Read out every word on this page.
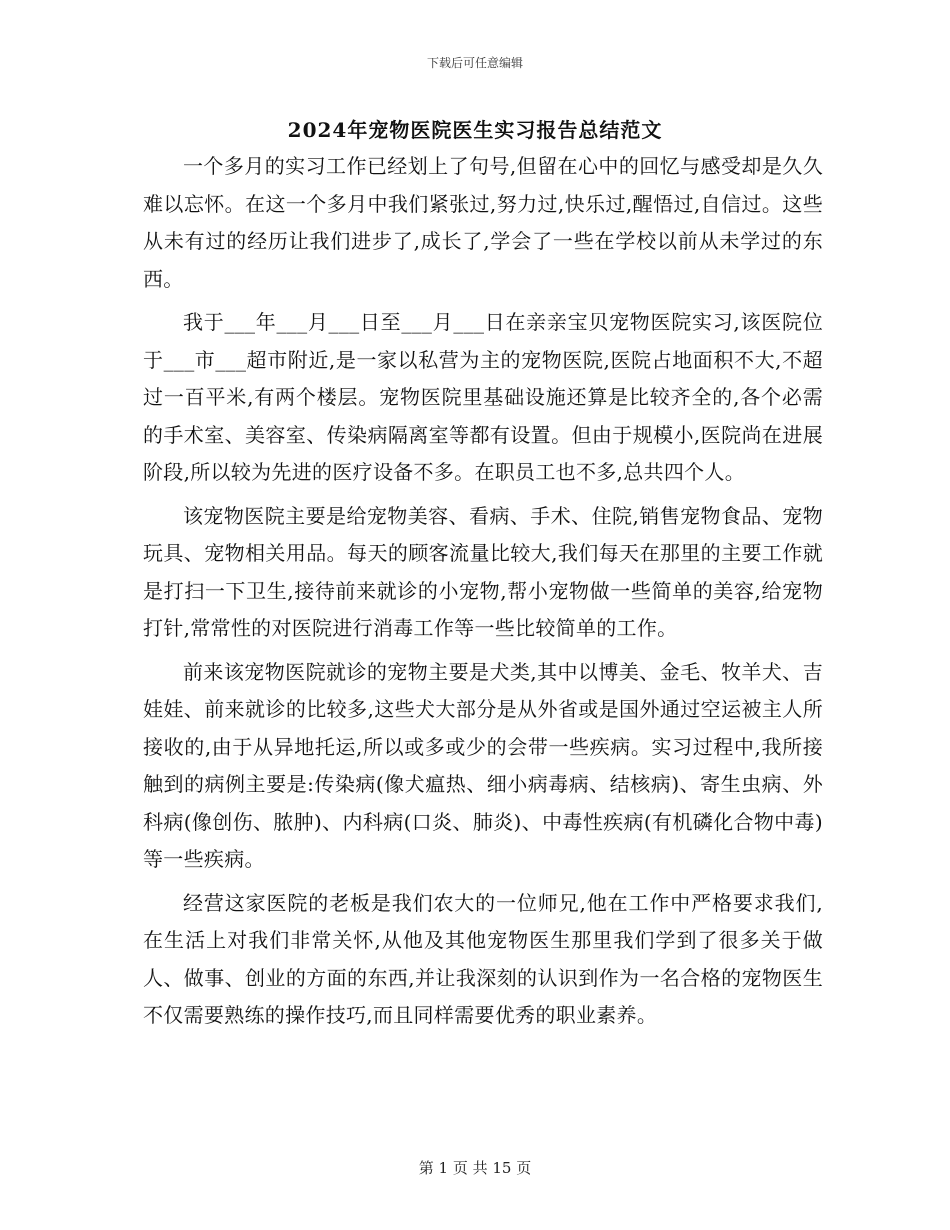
下载后可任意编辑
2024年宠物医院医生实习报告总结范文

一个多月的实习工作已经划上了句号,但留在心中的回忆与感受却是久久难以忘怀。在这一个多月中我们紧张过,努力过,快乐过,醒悟过,自信过。这些从未有过的经历让我们进步了,成长了,学会了一些在学校以前从未学过的东西。

我于___年___月___日至___月___日在亲亲宝贝宠物医院实习,该医院位于___市___超市附近,是一家以私营为主的宠物医院,医院占地面积不大,不超过一百平米,有两个楼层。宠物医院里基础设施还算是比较齐全的,各个必需的手术室、美容室、传染病隔离室等都有设置。但由于规模小,医院尚在进展阶段,所以较为先进的医疗设备不多。在职员工也不多,总共四个人。

该宠物医院主要是给宠物美容、看病、手术、住院,销售宠物食品、宠物玩具、宠物相关用品。每天的顾客流量比较大,我们每天在那里的主要工作就是打扫一下卫生,接待前来就诊的小宠物,帮小宠物做一些简单的美容,给宠物打针,常常性的对医院进行消毒工作等一些比较简单的工作。

前来该宠物医院就诊的宠物主要是犬类,其中以博美、金毛、牧羊犬、吉娃娃、前来就诊的比较多,这些犬大部分是从外省或是国外通过空运被主人所接收的,由于从异地托运,所以或多或少的会带一些疾病。实习过程中,我所接触到的病例主要是:传染病(像犬瘟热、细小病毒病、结核病)、寄生虫病、外科病(像创伤、脓肿)、内科病(口炎、肺炎)、中毒性疾病(有机磷化合物中毒)等一些疾病。

经营这家医院的老板是我们农大的一位师兄,他在工作中严格要求我们,在生活上对我们非常关怀,从他及其他宠物医生那里我们学到了很多关于做人、做事、创业的方面的东西,并让我深刻的认识到作为一名合格的宠物医生不仅需要熟练的操作技巧,而且同样需要优秀的职业素养。

第 1 页 共 15 页
